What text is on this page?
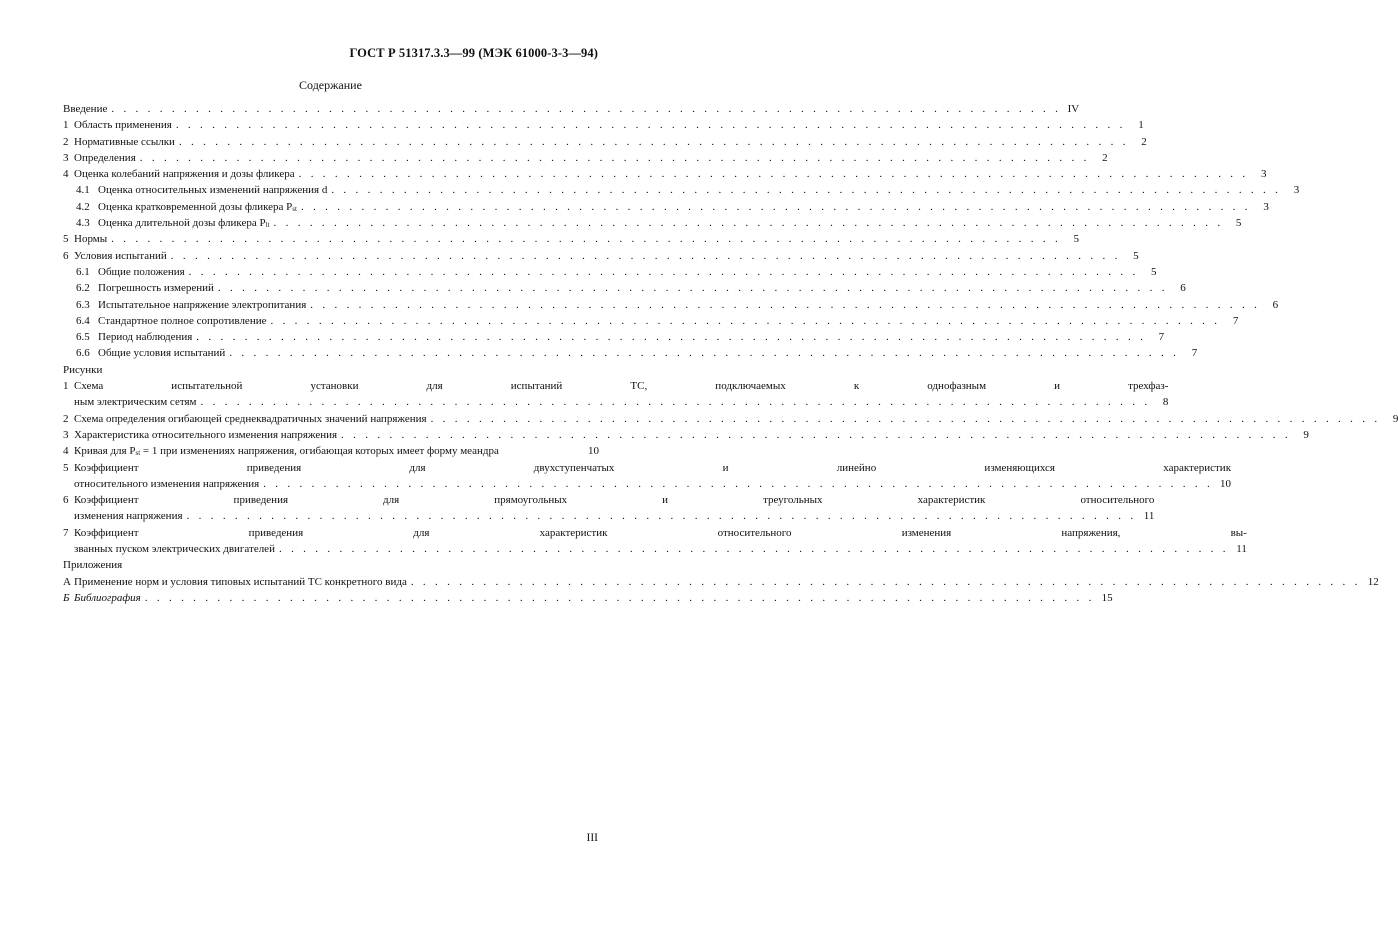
ГОСТ Р 51317.3.3—99 (МЭК 61000-3-3—94)
Содержание
Введение . . . . . . . . . . . . . . . . . . . . . . . . . . . . . . . . . . . . . . . . . . . . . . . . . . . . . . . . . . . . . . . . . . . . . . . . . . . . . . . IV
1 Область применения . . . . . . . . . . . . . . . . . . . . . . . . . . . . . . . . . . . . . . . . . . . . . . . . . . . . . . . . . . . . . . . . . . . . . . . . . . . . . . .	1
2 Нормативные ссылки . . . . . . . . . . . . . . . . . . . . . . . . . . . . . . . . . . . . . . . . . . . . . . . . . . . . . . . . . . . . . . . . . . . . . . . . . . . . . . .	2
3 Определения . . . . . . . . . . . . . . . . . . . . . . . . . . . . . . . . . . . . . . . . . . . . . . . . . . . . . . . . . . . . . . . . . . . . . . . . . . . . . . .	2
4 Оценка колебаний напряжения и дозы фликера . . . . . . . . . . . . . . . . . . . . . . . . . . . . . . . . . . . . . . . . . . . . . . . . . . . . . . . . . . . . . . . . . . . . . . . . . . . . . . .	3
4.1 Оценка относительных изменений напряжения d . . . . . . . . . . . . . . . . . . . . . . . . . . . . . . . . . . . . . . . . . . . . . . . . . . . . . . . . . . . . . . . . . . . . . . . . . . . . . . .	3
4.2 Оценка кратковременной дозы фликера $P_{st}$ . . . . . . . . . . . . . . . . . . . . . . . . . . . . . . . . . . . . . . . . . . . . . . . . . . . . . . . . . . . . . . . . . . . . . . . . . . . . . . .	3
4.3 Оценка длительной дозы фликера $P_{lt}$ . . . . . . . . . . . . . . . . . . . . . . . . . . . . . . . . . . . . . . . . . . . . . . . . . . . . . . . . . . . . . . . . . . . . . . . . . . . . . . .	5
5 Нормы . . . . . . . . . . . . . . . . . . . . . . . . . . . . . . . . . . . . . . . . . . . . . . . . . . . . . . . . . . . . . . . . . . . . . . . . . . . . . . .	5
6 Условия испытаний . . . . . . . . . . . . . . . . . . . . . . . . . . . . . . . . . . . . . . . . . . . . . . . . . . . . . . . . . . . . . . . . . . . . . . . . . . . . . . .	5
6.1 Общие положения . . . . . . . . . . . . . . . . . . . . . . . . . . . . . . . . . . . . . . . . . . . . . . . . . . . . . . . . . . . . . . . . . . . . . . . . . . . . . . .	5
6.2 Погрешность измерений . . . . . . . . . . . . . . . . . . . . . . . . . . . . . . . . . . . . . . . . . . . . . . . . . . . . . . . . . . . . . . . . . . . . . . . . . . . . . . .	6
6.3 Испытательное напряжение электропитания . . . . . . . . . . . . . . . . . . . . . . . . . . . . . . . . . . . . . . . . . . . . . . . . . . . . . . . . . . . . . . . . . . . . . . . . . . . . . . .	6
6.4 Стандартное полное сопротивление . . . . . . . . . . . . . . . . . . . . . . . . . . . . . . . . . . . . . . . . . . . . . . . . . . . . . . . . . . . . . . . . . . . . . . . . . . . . . . .	7
6.5 Период наблюдения . . . . . . . . . . . . . . . . . . . . . . . . . . . . . . . . . . . . . . . . . . . . . . . . . . . . . . . . . . . . . . . . . . . . . . . . . . . . . . .	7
6.6 Общие условия испытаний . . . . . . . . . . . . . . . . . . . . . . . . . . . . . . . . . . . . . . . . . . . . . . . . . . . . . . . . . . . . . . . . . . . . . . . . . . . . . . .	7
Рисунки
1 Схема испытательной установки для испытаний ТС, подключаемых к однофазным и трехфаз-
ным электрическим сетям . . . . . . . . . . . . . . . . . . . . . . . . . . . . . . . . . . . . . . . . . . . . . . . . . . . . . . . . . . . . . . . . . . . . . . . . . . . . . . .	8
2 Схема определения огибающей среднеквадратичных значений напряжения . . . . . . . . . . . . . . . . . . . . . . . . . . . . . . . . . . . . . . . . . . . . . . . . . . . . . . . . . . . . . . . . . . . . . . . . . . . . . . .	9
3 Характеристика относительного изменения напряжения . . . . . . . . . . . . . . . . . . . . . . . . . . . . . . . . . . . . . . . . . . . . . . . . . . . . . . . . . . . . . . . . . . . . . . . . . . . . . . .	9
4 Кривая для $P_{st} = 1$ при изменениях напряжения, огибающая которых имеет форму меандра	10
5 Коэффициент приведения для двухступенчатых и линейно изменяющихся характеристик
относительного изменения напряжения . . . . . . . . . . . . . . . . . . . . . . . . . . . . . . . . . . . . . . . . . . . . . . . . . . . . . . . . . . . . . . . . . . . . . . . . . . . . . . . 10
6 Коэффициент приведения для прямоугольных и треугольных характеристик относительного
изменения напряжения . . . . . . . . . . . . . . . . . . . . . . . . . . . . . . . . . . . . . . . . . . . . . . . . . . . . . . . . . . . . . . . . . . . . . . . . . . . . . . . 11
7 Коэффициент приведения для характеристик относительного изменения напряжения, вы-
званных пуском электрических двигателей . . . . . . . . . . . . . . . . . . . . . . . . . . . . . . . . . . . . . . . . . . . . . . . . . . . . . . . . . . . . . . . . . . . . . . . . . . . . . . . 11
Приложения
А Применение норм и условия типовых испытаний ТС конкретного вида . . . . . . . . . . . . . . . . . . . . . . . . . . . . . . . . . . . . . . . . . . . . . . . . . . . . . . . . . . . . . . . . . . . . . . . . . . . . . . . 12
Б Библиография . . . . . . . . . . . . . . . . . . . . . . . . . . . . . . . . . . . . . . . . . . . . . . . . . . . . . . . . . . . . . . . . . . . . . . . . . . . . . . . 15
III
